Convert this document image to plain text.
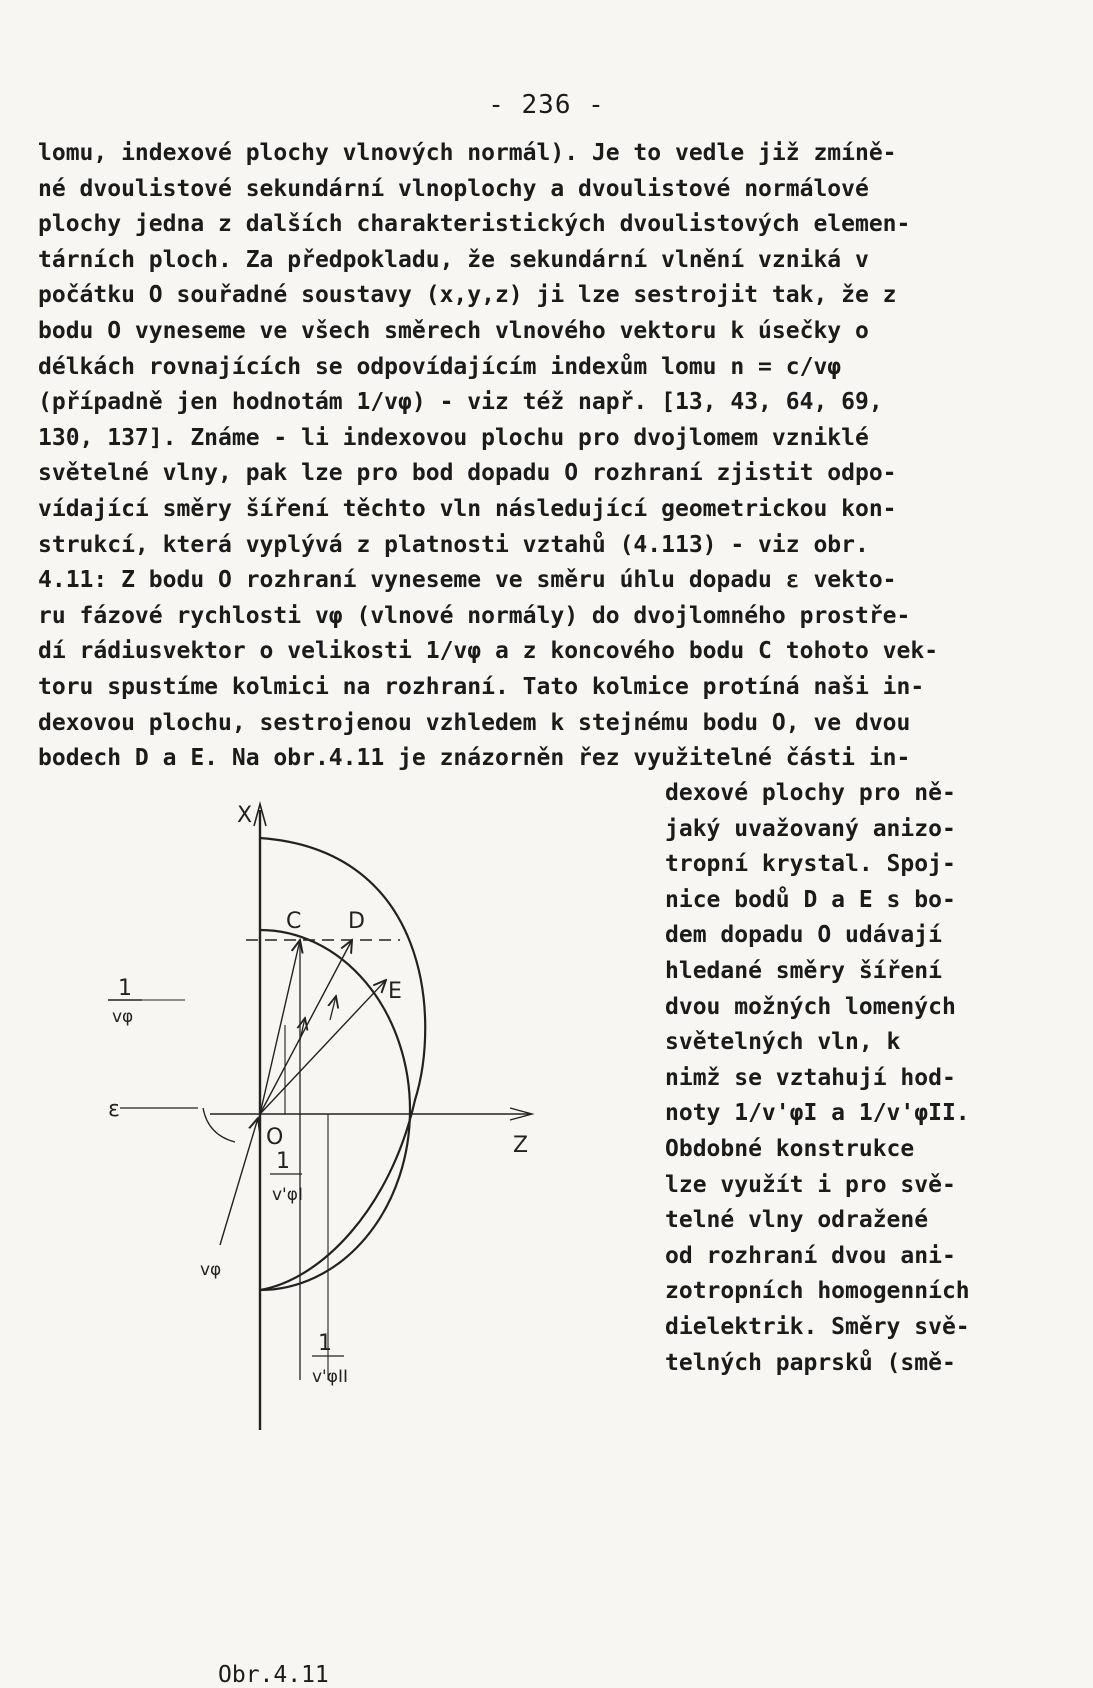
- 236 -
lomu, indexové plochy vlnových normál). Je to vedle již zmíně-
né dvoulistové sekundární vlnoplochy a dvoulistové normálové
plochy jedna z dalších charakteristických dvoulistových elemen-
tárních ploch. Za předpokladu, že sekundární vlnění vzniká v
počátku O souřadné soustavy (x,y,z) ji lze sestrojit tak, že z
bodu O vyneseme ve všech směrech vlnového vektoru k úsečky o
délkách rovnajících se odpovídajícím indexům lomu n = c/vφ
(případně jen hodnotám 1/vφ) - viz též např. [13, 43, 64, 69,
130, 137]. Známe - li indexovou plochu pro dvojlomem vzniklé
světelné vlny, pak lze pro bod dopadu O rozhraní zjistit odpo-
vídající směry šíření těchto vln následující geometrickou kon-
strukcí, která vyplývá z platnosti vztahů (4.113) - viz obr.
4.11: Z bodu O rozhraní vyneseme ve směru úhlu dopadu ε vekto-
ru fázové rychlosti vφ (vlnové normály) do dvojlomného prostře-
dí rádiusvektor o velikosti 1/vφ a z koncového bodu C tohoto vek-
toru spustíme kolmici na rozhraní. Tato kolmice protíná naši in-
dexovou plochu, sestrojenou vzhledem k stejnému bodu O, ve dvou
bodech D a E. Na obr.4.11 je znázorněn řez využitelné části in-
dexové plochy pro ně-
jaký uvažovaný anizo-
tropní krystal. Spoj-
nice bodů D a E s bo-
dem dopadu O udávají
hledané směry šíření
dvou možných lomených
světelných vln, k
nimž se vztahují hod-
noty 1/v'φI a 1/v'φII.
Obdobné konstrukce
lze využít i pro svě-
telné vlny odražené
od rozhraní dvou ani-
zotropních homogenních
dielektrik. Směry svě-
telných paprsků (smě-
X
Z
ε
1
vφ
vφ
C D
E
O
1
v'φI
1
v'φII
Obr.4.11
